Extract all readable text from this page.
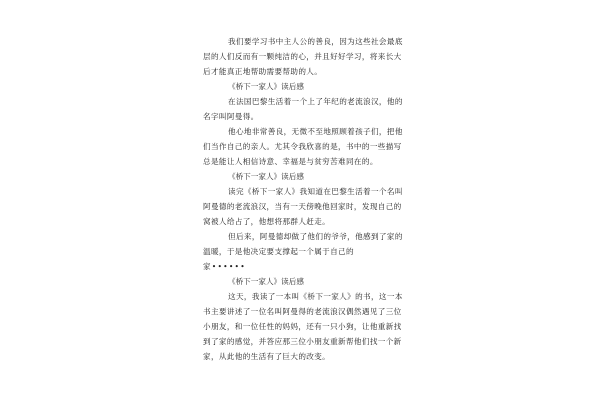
我们要学习书中主人公的善良，因为这些社会最底
层的人们反而有一颗纯洁的心，并且好好学习，将来长大
后才能真正地帮助需要帮助的人。
《桥下一家人》读后感
在法国巴黎生活着一个上了年纪的老流浪汉，他的
名字叫阿曼得。
他心地非常善良，无微不至地照顾着孩子们，把他
们当作自己的亲人。尤其令我欣喜的是，书中的一些描写
总是能让人相信诗意、幸福是与贫穷苦难同在的。
《桥下一家人》读后感
读完《桥下一家人》我知道在巴黎生活着一个名叫
阿曼德的老流浪汉，当有一天傍晚他回家时，发现自己的
窝被人给占了，他想将那群人赶走。
但后来，阿曼德却做了他们的爷爷，他感到了家的
温暖，于是他决定要支撑起一个属于自己的
家••••••
《桥下一家人》读后感
这天，我读了一本叫《桥下一家人》的书，这一本
书主要讲述了一位名叫阿曼得的老流浪汉偶然遇见了三位
小朋友，和一位任性的妈妈，还有一只小狗，让他重新找
到了家的感觉，并答应那三位小朋友重新帮他们找一个新
家，从此他的生活有了巨大的改变。
